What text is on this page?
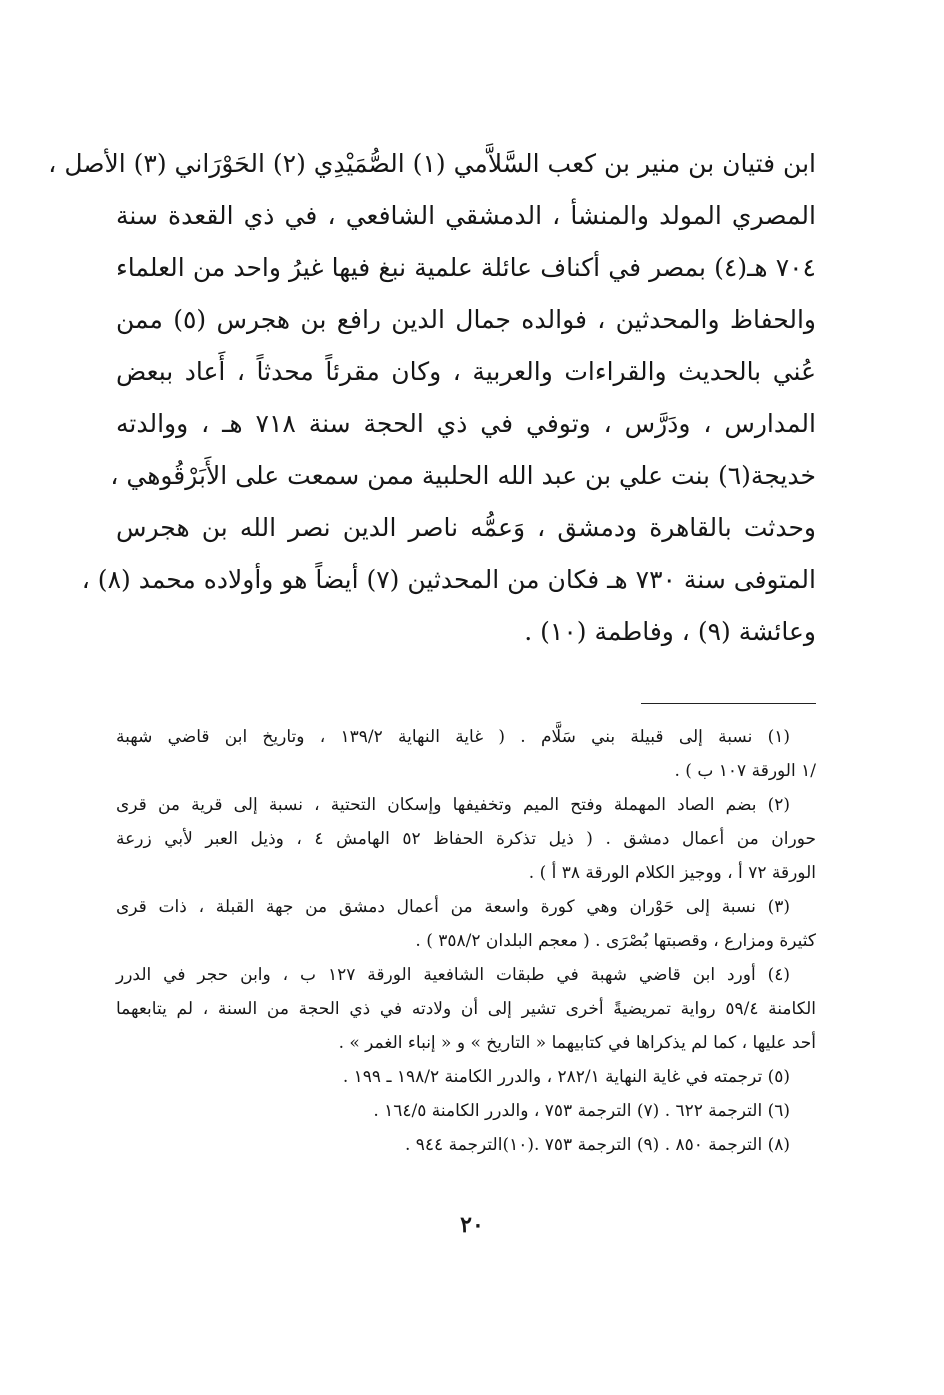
ابن فتيان بن منير بن كعب السَّلاَّمي (١) الصُّمَيْدِي (٢) الحَوْرَاني (٣) الأصل ،
المصري المولد والمنشأ ، الدمشقي الشافعي ، في ذي القعدة سنة
٧٠٤ هـ(٤) بمصر في أكناف عائلة علمية نبغ فيها غيرُ واحد من العلماء
والحفاظ والمحدثين ، فوالده جمال الدين رافع بن هجرس (٥) ممن
عُني بالحديث والقراءات والعربية ، وكان مقرئاً محدثاً ، أَعاد ببعض
المدارس ، ودَرَّس ، وتوفي في ذي الحجة سنة ٧١٨ هـ ، ووالدته
خديجة(٦) بنت علي بن عبد الله الحلبية ممن سمعت على الأَبَرْقُوهي ،
وحدثت بالقاهرة ودمشق ، وَعمُّه ناصر الدين نصر الله بن هجرس
المتوفى سنة ٧٣٠ هـ فكان من المحدثين (٧) أيضاً هو وأولاده محمد (٨) ،
وعائشة (٩) ، وفاطمة (١٠) .
(١) نسبة إلى قبيلة بني سَلَّام . ( غاية النهاية ١٣٩/٢ ، وتاريخ ابن قاضي شهبة
/١ الورقة ١٠٧ ب ) .
(٢) بضم الصاد المهملة وفتح الميم وتخفيفها وإسكان التحتية ، نسبة إلى قرية من قرى
حوران من أعمال دمشق . ( ذيل تذكرة الحفاظ ٥٢ الهامش ٤ ، وذيل العبر لأبي زرعة
الورقة ٧٢ أ ، ووجيز الكلام الورقة ٣٨ أ ) .
(٣) نسبة إلى حَوْران وهي كورة واسعة من أعمال دمشق من جهة القبلة ، ذات قرى
كثيرة ومزارع ، وقصبتها بُصْرَى . ( معجم البلدان ٣٥٨/٢ ) .
(٤) أورد ابن قاضي شهبة في طبقات الشافعية الورقة ١٢٧ ب ، وابن حجر في الدرر
الكامنة ٥٩/٤ رواية تمريضيةً أخرى تشير إلى أن ولادته في ذي الحجة من السنة ، لم يتابعهما
أحد عليها ، كما لم يذكراها في كتابيهما « التاريخ » و « إنباء الغمر » .
(٥) ترجمته في غاية النهاية ٢٨٢/١ ، والدرر الكامنة ١٩٨/٢ ـ ١٩٩ .
(٦) الترجمة ٦٢٢ . (٧) الترجمة ٧٥٣ ، والدرر الكامنة ١٦٤/٥ .
(٨) الترجمة ٨٥٠ . (٩) الترجمة ٧٥٣ .(١٠)الترجمة ٩٤٤ .
٢٠
